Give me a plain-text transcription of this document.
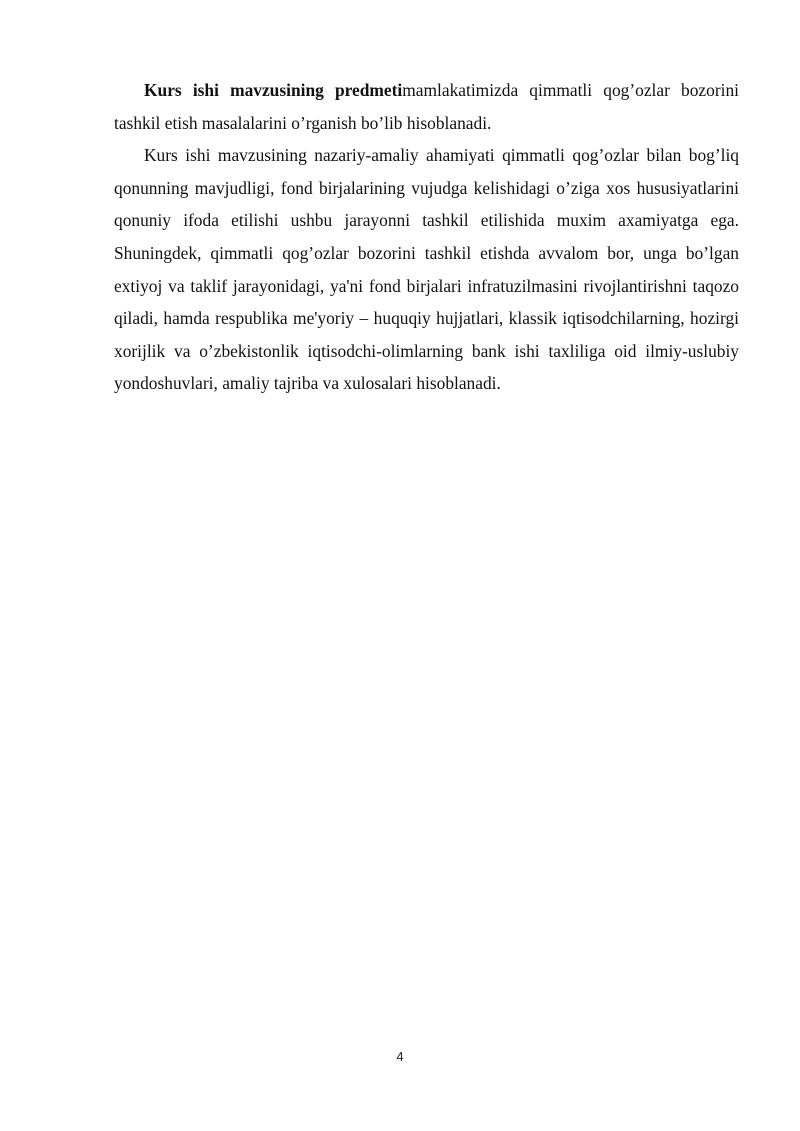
Kurs ishi mavzusining predmetimamlakatimizda qimmatli qog’ozlar bozorini tashkil etish masalalarini o’rganish bo’lib hisoblanadi.

Kurs ishi mavzusining nazariy-amaliy ahamiyati qimmatli qog’ozlar bilan bog’liq qonunning mavjudligi, fond birjalarining vujudga kelishidagi o’ziga xos hususiyatlarini qonuniy ifoda etilishi ushbu jarayonni tashkil etilishida muxim axamiyatga ega. Shuningdek, qimmatli qog’ozlar bozorini tashkil etishda avvalom bor, unga bo’lgan extiyoj va taklif jarayonidagi, ya'ni fond birjalari infratuzilmasini rivojlantirishni taqozo qiladi, hamda respublika me'yoriy – huquqiy hujjatlari, klassik iqtisodchilarning, hozirgi xorijlik va o’zbekistonlik iqtisodchi-olimlarning bank ishi taxliliga oid ilmiy-uslubiy yondoshuvlari, amaliy tajriba va xulosalari hisoblanadi.

4
